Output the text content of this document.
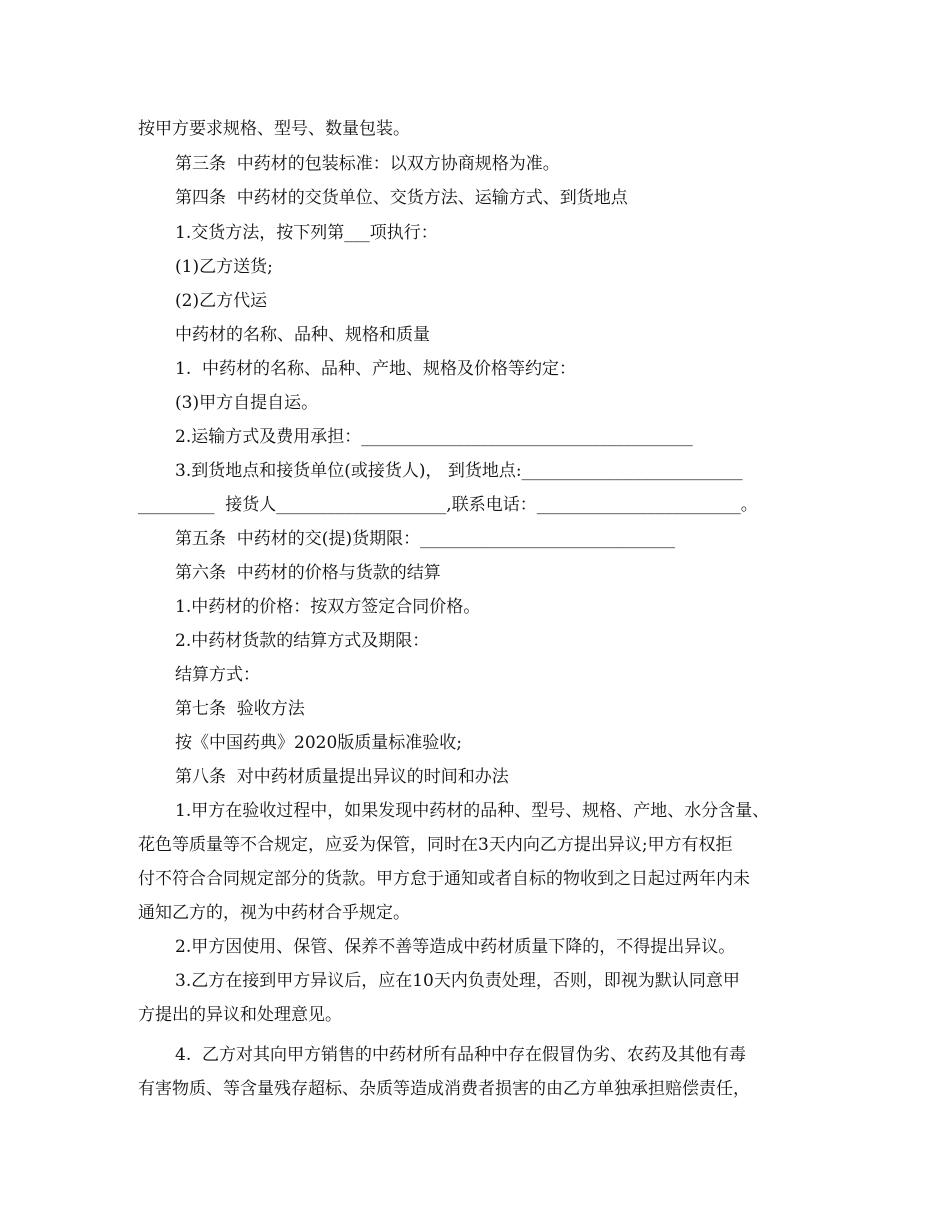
按甲方要求规格、型号、数量包装。
第三条  中药材的包装标准：以双方协商规格为准。
第四条  中药材的交货单位、交货方法、运输方式、到货地点
1.交货方法，按下列第___项执行：
(1)乙方送货;
(2)乙方代运
中药材的名称、品种、规格和质量
1.  中药材的名称、品种、产地、规格及价格等约定：
(3)甲方自提自运。
2.运输方式及费用承担：_______________________________________
3.到货地点和接货单位(或接货人)， 到货地点:__________________________
_________  接货人____________________,联系电话：________________________。
第五条  中药材的交(提)货期限：______________________________
第六条  中药材的价格与货款的结算
1.中药材的价格：按双方签定合同价格。
2.中药材货款的结算方式及期限：
结算方式：
第七条  验收方法
按《中国药典》2020版质量标准验收;
第八条  对中药材质量提出异议的时间和办法
1.甲方在验收过程中，如果发现中药材的品种、型号、规格、产地、水分含量、
花色等质量等不合规定，应妥为保管，同时在3天内向乙方提出异议;甲方有权拒
付不符合合同规定部分的货款。甲方怠于通知或者自标的物收到之日起过两年内未
通知乙方的，视为中药材合乎规定。
2.甲方因使用、保管、保养不善等造成中药材质量下降的，不得提出异议。
3.乙方在接到甲方异议后，应在10天内负责处理，否则，即视为默认同意甲
方提出的异议和处理意见。
4.  乙方对其向甲方销售的中药材所有品种中存在假冒伪劣、农药及其他有毒
有害物质、等含量残存超标、杂质等造成消费者损害的由乙方单独承担赔偿责任，
